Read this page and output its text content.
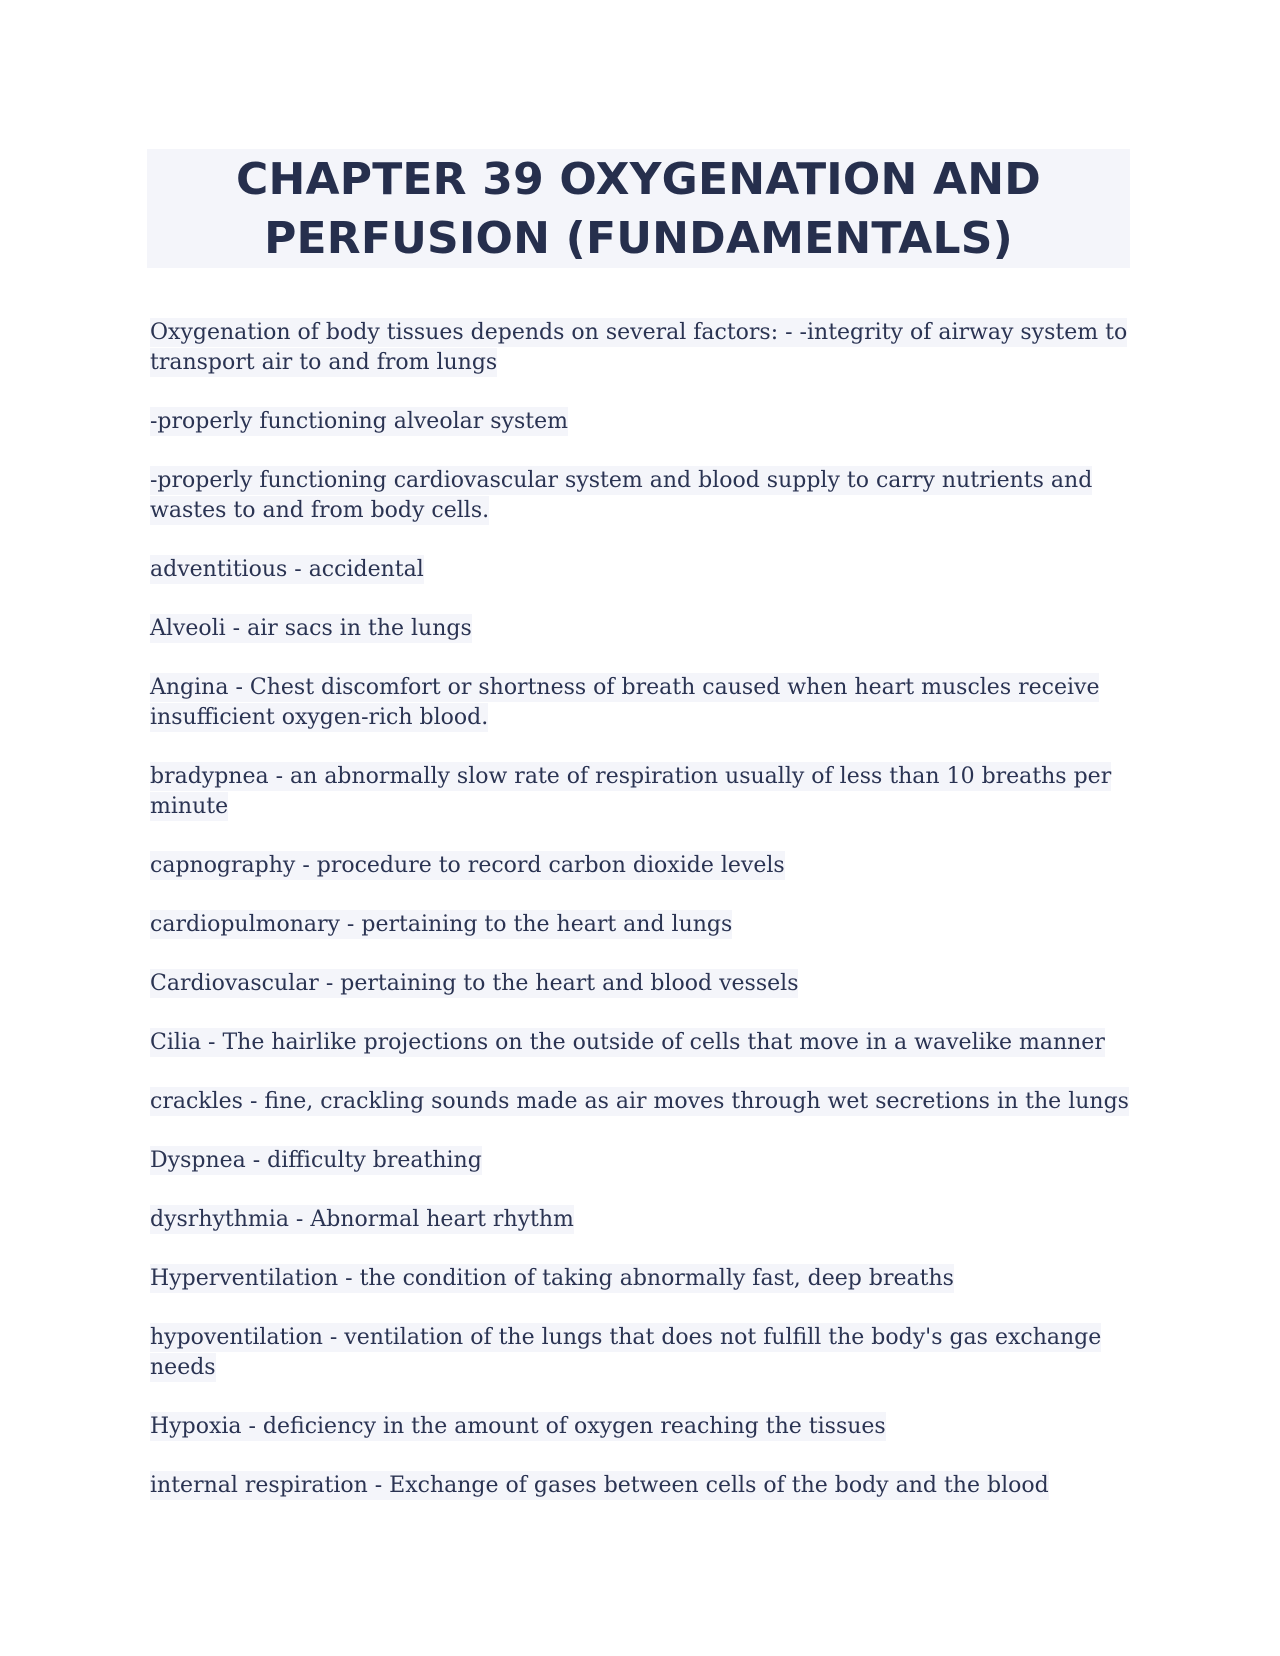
CHAPTER 39 OXYGENATION AND PERFUSION (FUNDAMENTALS)

Oxygenation of body tissues depends on several factors: - -integrity of airway system to transport air to and from lungs

-properly functioning alveolar system

-properly functioning cardiovascular system and blood supply to carry nutrients and wastes to and from body cells.

adventitious - accidental

Alveoli - air sacs in the lungs

Angina - Chest discomfort or shortness of breath caused when heart muscles receive insufficient oxygen-rich blood.

bradypnea - an abnormally slow rate of respiration usually of less than 10 breaths per minute

capnography - procedure to record carbon dioxide levels

cardiopulmonary - pertaining to the heart and lungs

Cardiovascular - pertaining to the heart and blood vessels

Cilia - The hairlike projections on the outside of cells that move in a wavelike manner

crackles - fine, crackling sounds made as air moves through wet secretions in the lungs

Dyspnea - difficulty breathing

dysrhythmia - Abnormal heart rhythm

Hyperventilation - the condition of taking abnormally fast, deep breaths

hypoventilation - ventilation of the lungs that does not fulfill the body's gas exchange needs

Hypoxia - deficiency in the amount of oxygen reaching the tissues

internal respiration - Exchange of gases between cells of the body and the blood
